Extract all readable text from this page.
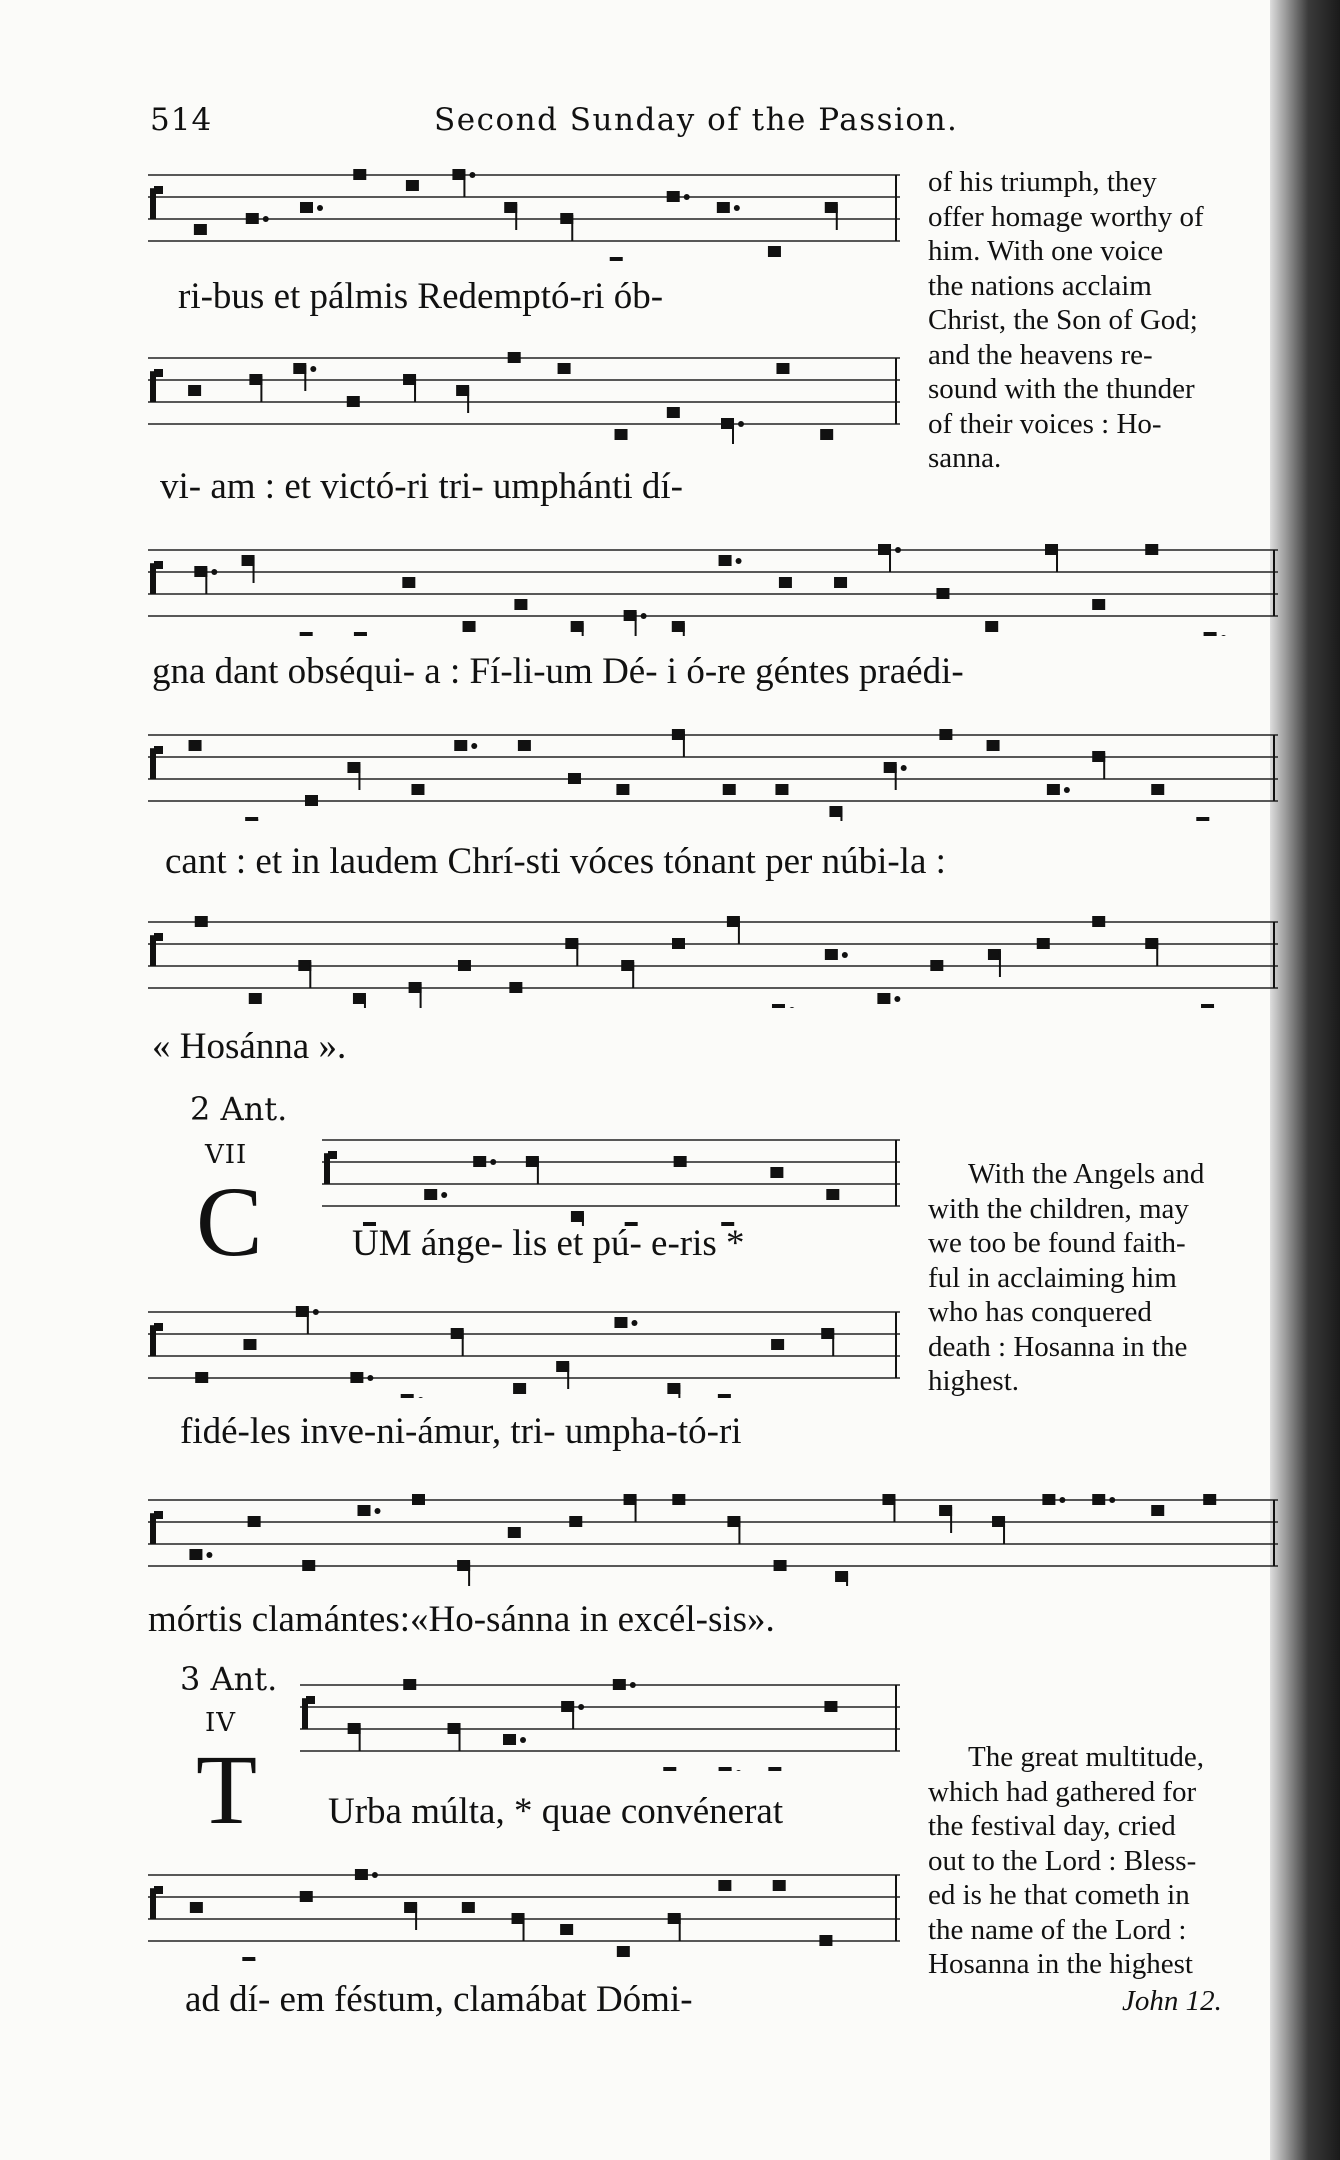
514	Second Sunday of the Passion.
ri-bus et pálmis Redemptó-ri ób-
vi- am : et victó-ri tri- umphánti dí-
gna dant obséqui- a : Fí-li-um Dé- i ó-re géntes praédi-
cant : et in laudem Chrí-sti vóces tónant per núbi-la :
« Hosánna ».
of his triumph, they
offer homage worthy of
him. With one voice
the nations acclaim
Christ, the Son of God;
and the heavens re-
sound with the thunder
of their voices : Ho-
sanna.
2 Ant.
VII
C UM ánge- lis et pú- e-ris *
fidé-les inve-ni-ámur, tri- umpha-tó-ri
mórtis clamántes:«Ho-sánna in excél-sis».
With the Angels and
with the children, may
we too be found faith-
ful in acclaiming him
who has conquered
death : Hosanna in the
highest.
3 Ant.
IV
T Urba múlta, * quae convénerat
ad dí- em féstum, clamábat Dómi-
The great multitude,
which had gathered for
the festival day, cried
out to the Lord : Bless-
ed is he that cometh in
the name of the Lord :
Hosanna in the highest
John 12.
